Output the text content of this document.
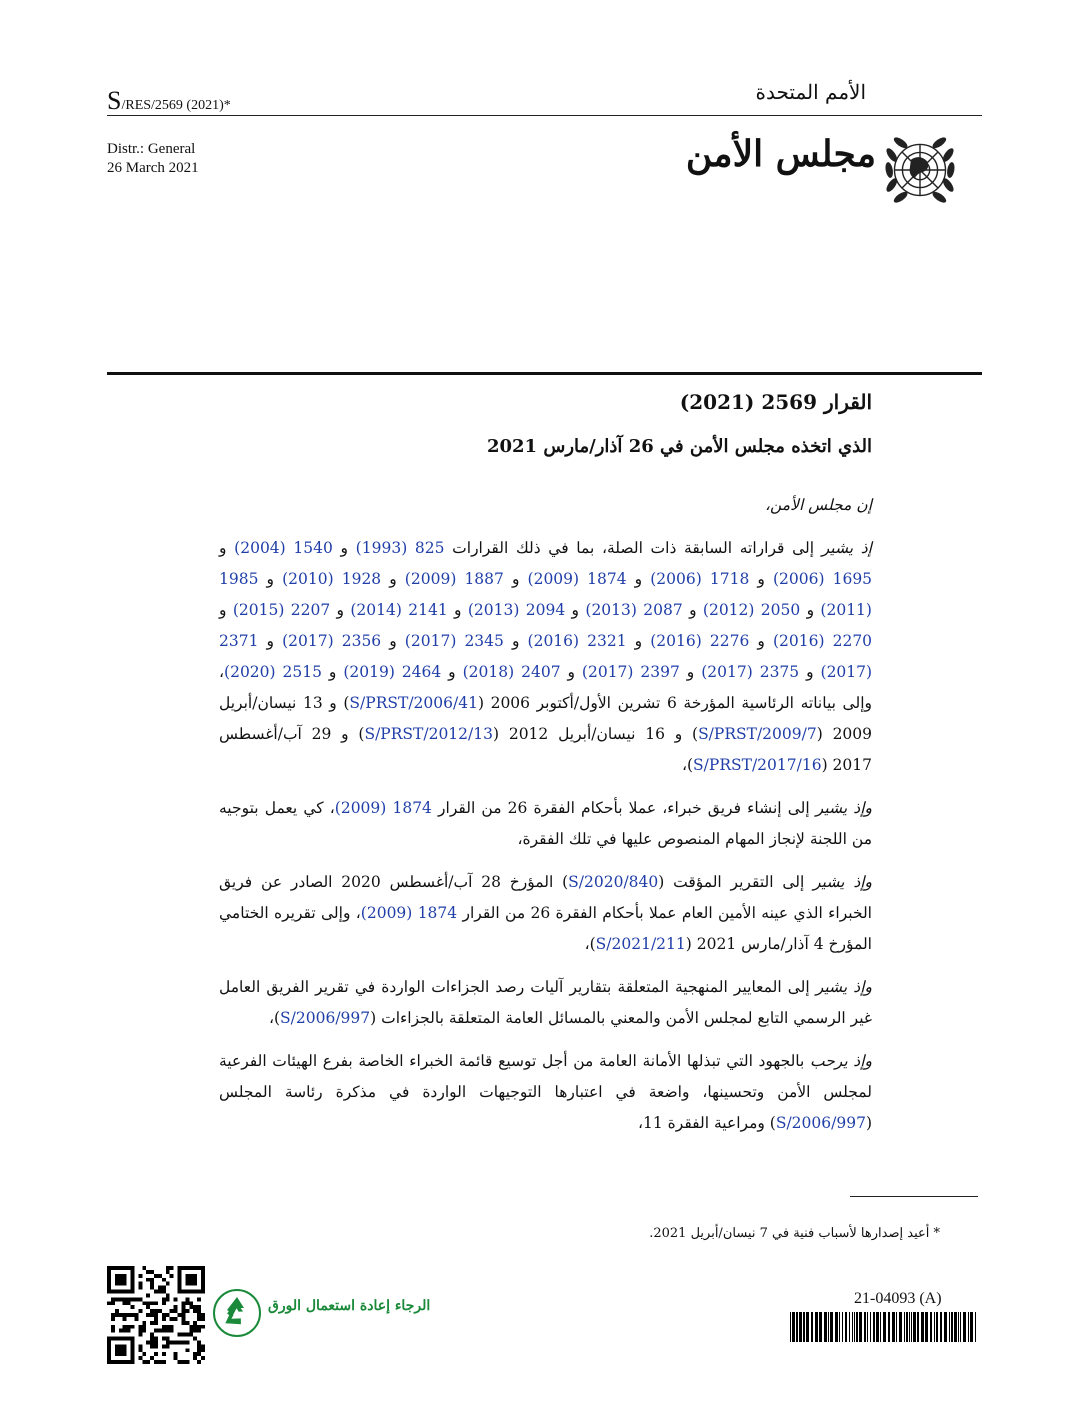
S/RES/2569 (2021)*
الأمم المتحدة
Distr.: General
26 March 2021	مجلس الأمن
القرار 2569 (2021)
الذي اتخذه مجلس الأمن في 26 آذار/مارس 2021

إن مجلس الأمن،

إذ يشير إلى قراراته السابقة ذات الصلة، بما في ذلك القرارات 825 (1993) و 1540 (2004) و 1695 (2006) و 1718 (2006) و 1874 (2009) و 1887 (2009) و 1928 (2010) و 1985 (2011) و 2050 (2012) و 2087 (2013) و 2094 (2013) و 2141 (2014) و 2207 (2015) و 2270 (2016) و 2276 (2016) و 2321 (2016) و 2345 (2017) و 2356 (2017) و 2371 (2017) و 2375 (2017) و 2397 (2017) و 2407 (2018) و 2464 (2019) و 2515 (2020)، وإلى بياناته الرئاسية المؤرخة 6 تشرين الأول/أكتوبر 2006 (S/PRST/2006/41) و 13 نيسان/أبريل 2009 (S/PRST/2009/7) و 16 نيسان/أبريل 2012 (S/PRST/2012/13) و 29 آب/أغسطس 2017 (S/PRST/2017/16)،

وإذ يشير إلى إنشاء فريق خبراء، عملا بأحكام الفقرة 26 من القرار 1874 (2009)، كي يعمل بتوجيه من اللجنة لإنجاز المهام المنصوص عليها في تلك الفقرة،

وإذ يشير إلى التقرير المؤقت (S/2020/840) المؤرخ 28 آب/أغسطس 2020 الصادر عن فريق الخبراء الذي عينه الأمين العام عملا بأحكام الفقرة 26 من القرار 1874 (2009)، وإلى تقريره الختامي المؤرخ 4 آذار/مارس 2021 (S/2021/211)،

وإذ يشير إلى المعايير المنهجية المتعلقة بتقارير آليات رصد الجزاءات الواردة في تقرير الفريق العامل غير الرسمي التابع لمجلس الأمن والمعني بالمسائل العامة المتعلقة بالجزاءات (S/2006/997)،

وإذ يرحب بالجهود التي تبذلها الأمانة العامة من أجل توسيع قائمة الخبراء الخاصة بفرع الهيئات الفرعية لمجلس الأمن وتحسينها، واضعة في اعتبارها التوجيهات الواردة في مذكرة رئاسة المجلس (S/2006/997) ومراعية الفقرة 11،

* أعيد إصدارها لأسباب فنية في 7 نيسان/أبريل 2021.
الرجاء إعادة استعمال الورق	21-04093 (A)
